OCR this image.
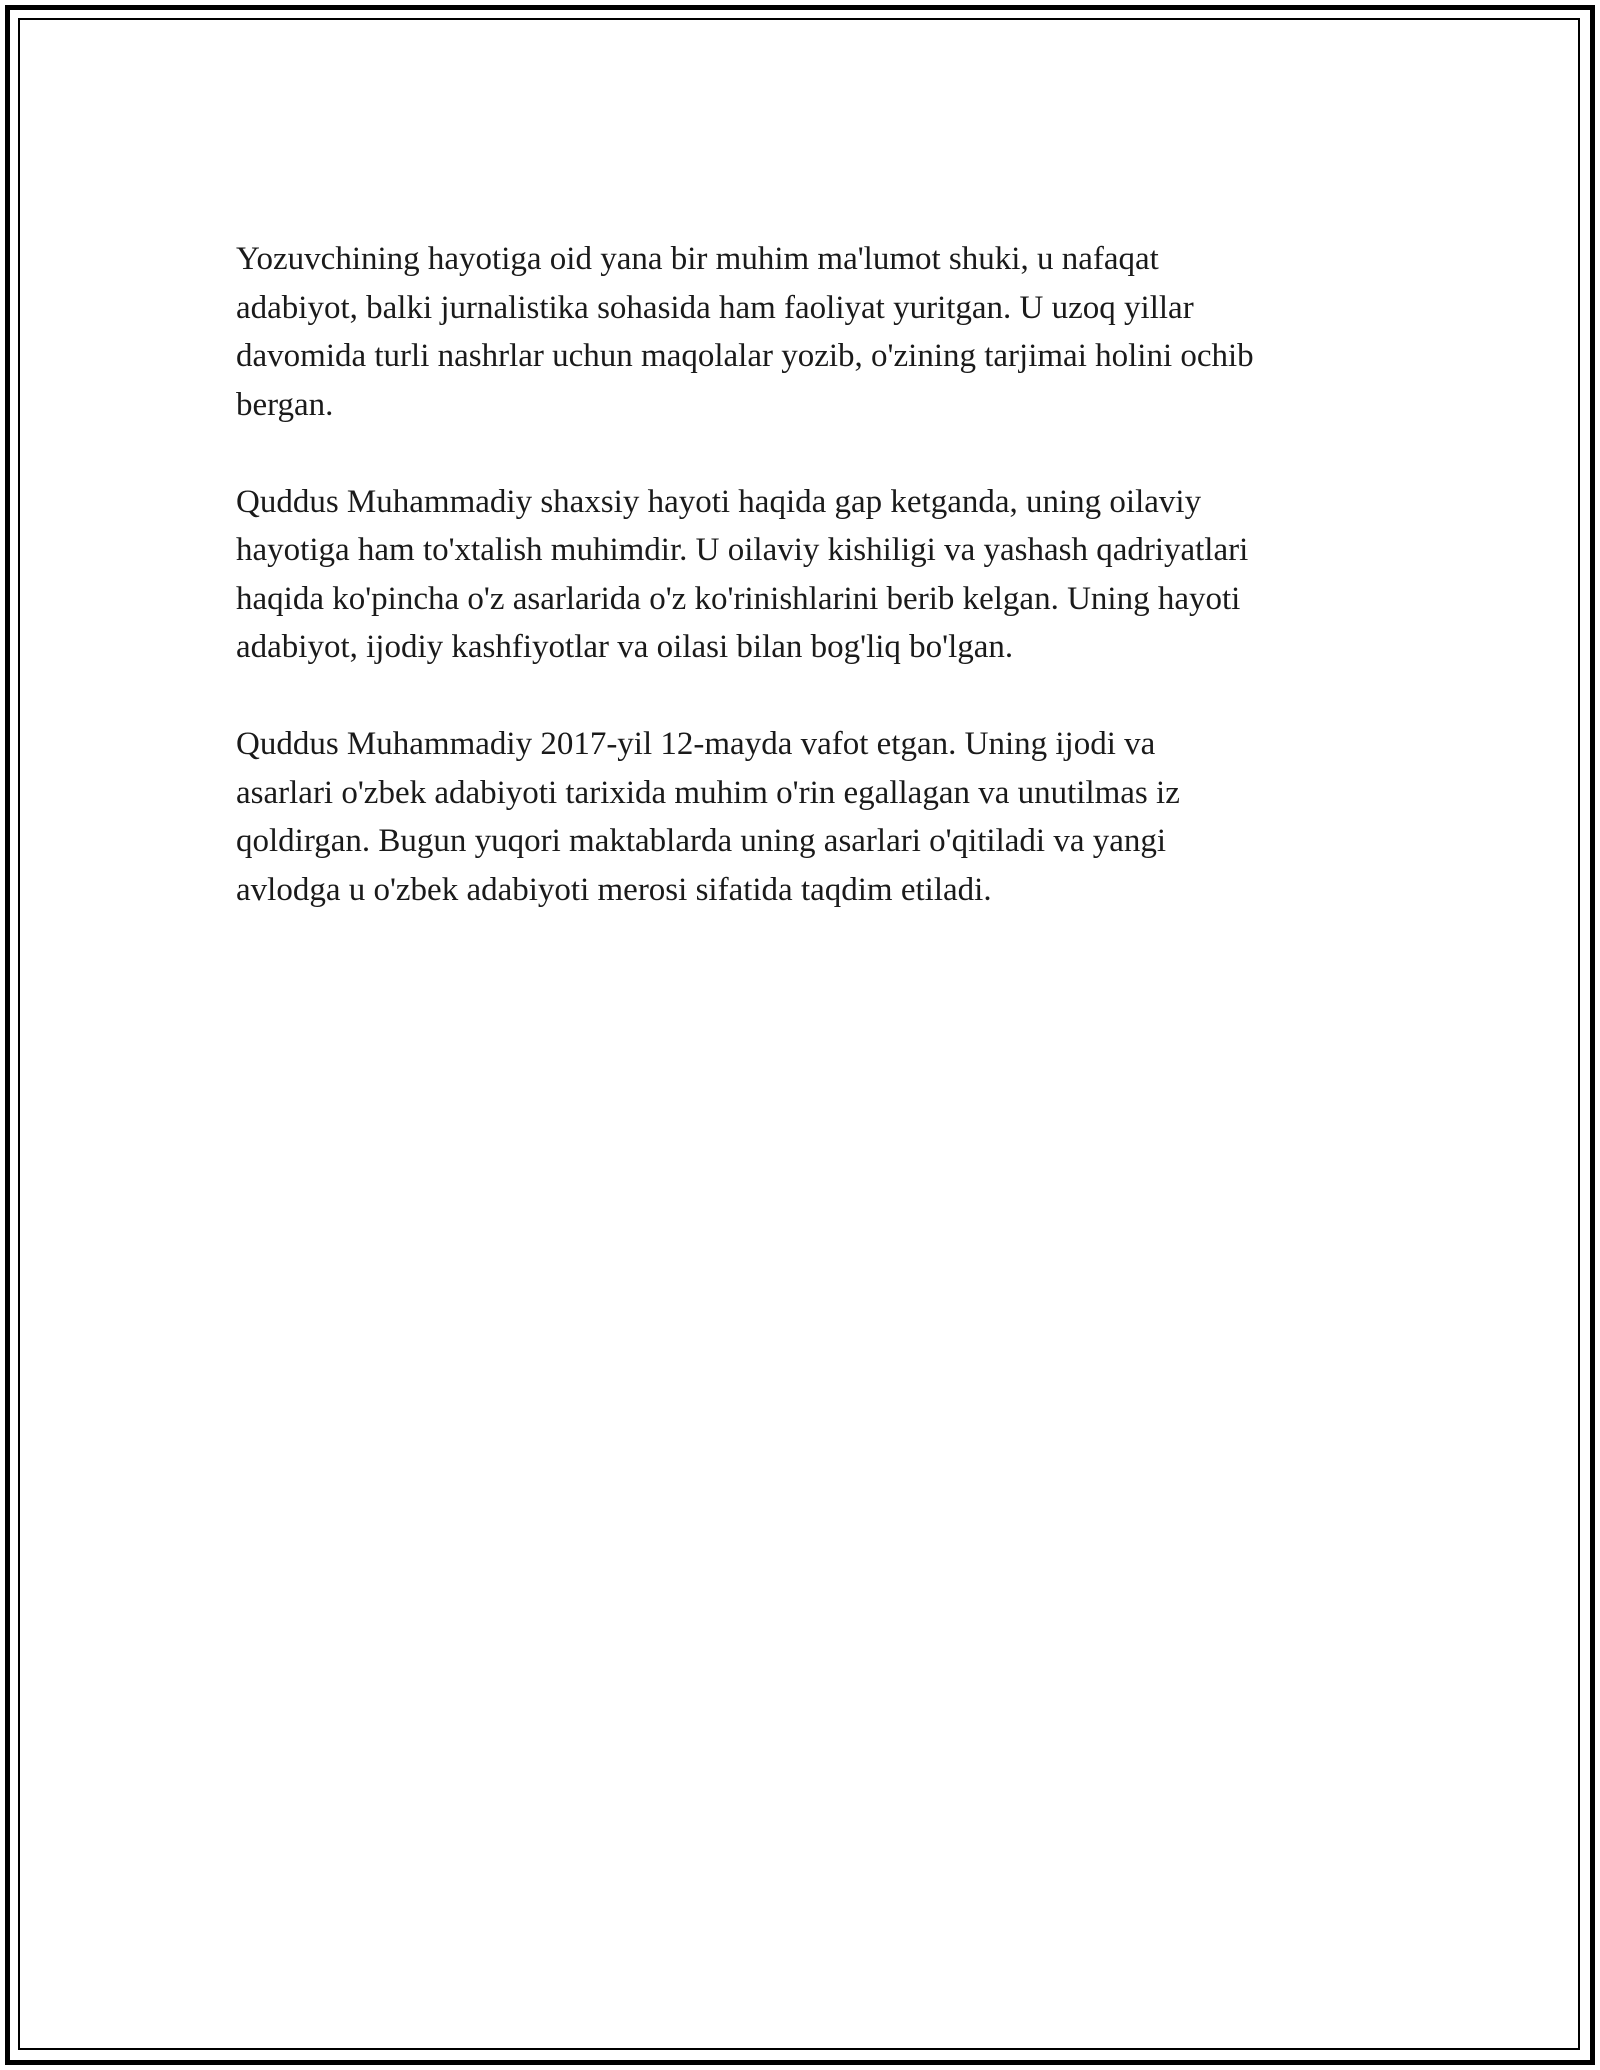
Yozuvchining hayotiga oid yana bir muhim ma'lumot shuki, u nafaqat
adabiyot, balki jurnalistika sohasida ham faoliyat yuritgan. U uzoq yillar
davomida turli nashrlar uchun maqolalar yozib, o'zining tarjimai holini ochib
bergan.

Quddus Muhammadiy shaxsiy hayoti haqida gap ketganda, uning oilaviy
hayotiga ham to'xtalish muhimdir. U oilaviy kishiligi va yashash qadriyatlari
haqida ko'pincha o'z asarlarida o'z ko'rinishlarini berib kelgan. Uning hayoti
adabiyot, ijodiy kashfiyotlar va oilasi bilan bog'liq bo'lgan.

Quddus Muhammadiy 2017-yil 12-mayda vafot etgan. Uning ijodi va
asarlari o'zbek adabiyoti tarixida muhim o'rin egallagan va unutilmas iz
qoldirgan. Bugun yuqori maktablarda uning asarlari o'qitiladi va yangi
avlodga u o'zbek adabiyoti merosi sifatida taqdim etiladi.
